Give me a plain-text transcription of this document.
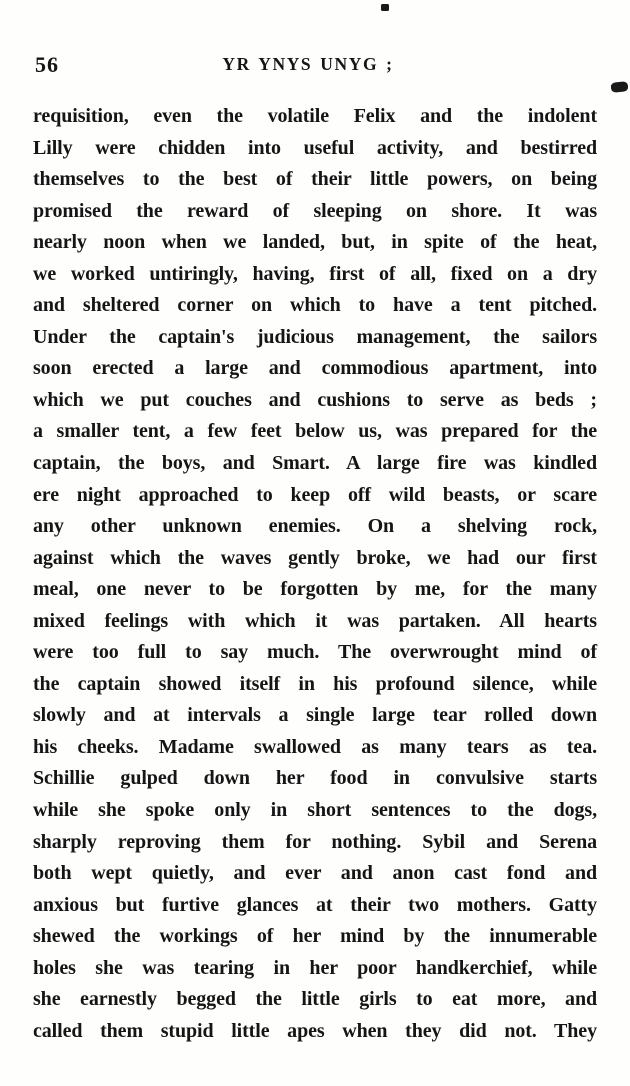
56	YR YNYS UNYG ;
requisition, even the volatile Felix and the indolent
Lilly were chidden into useful activity, and bestirred
themselves to the best of their little powers, on being
promised the reward of sleeping on shore. It was
nearly noon when we landed, but, in spite of the heat,
we worked untiringly, having, first of all, fixed on a dry
and sheltered corner on which to have a tent pitched.
Under the captain's judicious management, the sailors
soon erected a large and commodious apartment, into
which we put couches and cushions to serve as beds ;
a smaller tent, a few feet below us, was prepared for the
captain, the boys, and Smart. A large fire was kindled
ere night approached to keep off wild beasts, or scare
any other unknown enemies. On a shelving rock,
against which the waves gently broke, we had our first
meal, one never to be forgotten by me, for the many
mixed feelings with which it was partaken. All hearts
were too full to say much. The overwrought mind of
the captain showed itself in his profound silence, while
slowly and at intervals a single large tear rolled down
his cheeks. Madame swallowed as many tears as tea.
Schillie gulped down her food in convulsive starts
while she spoke only in short sentences to the dogs,
sharply reproving them for nothing. Sybil and Serena
both wept quietly, and ever and anon cast fond and
anxious but furtive glances at their two mothers. Gatty
shewed the workings of her mind by the innumerable
holes she was tearing in her poor handkerchief, while
she earnestly begged the little girls to eat more, and
called them stupid little apes when they did not. They
